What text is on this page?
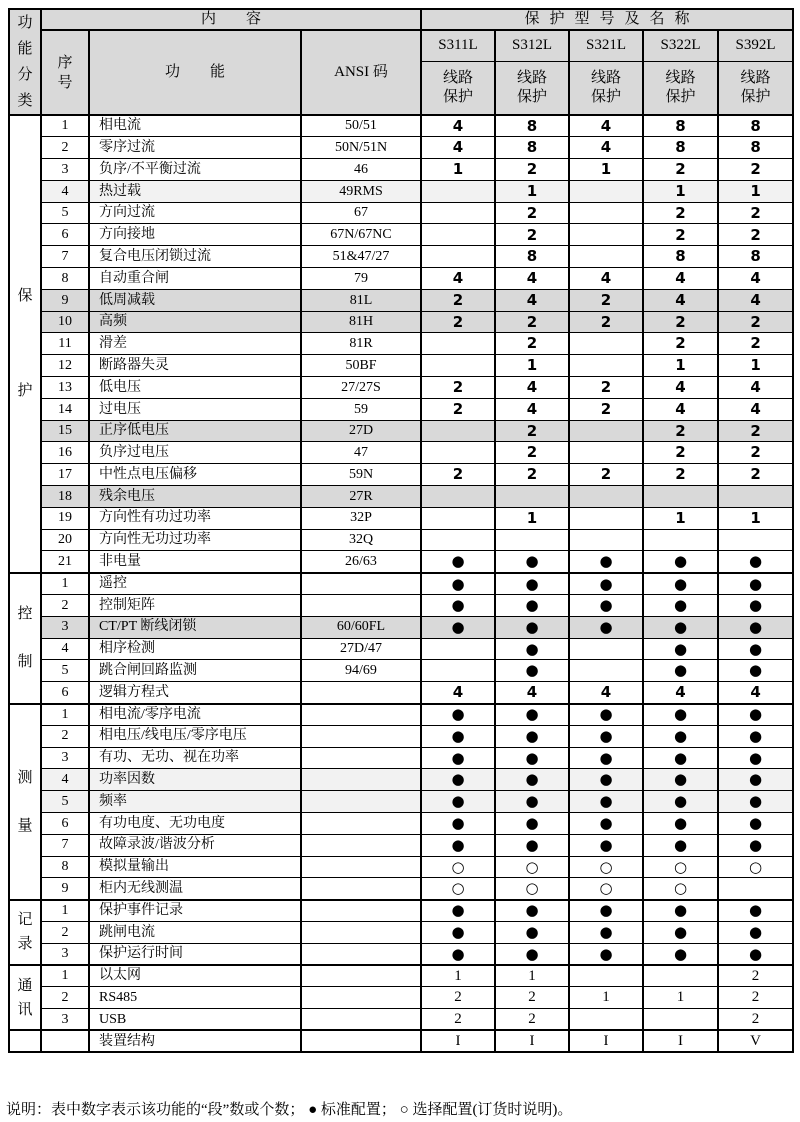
功能分类	内容			保护型号及名称				
	序号	功能	ANSI 码	S311L	S312L	S321L	S322L	S392L
				线路保护	线路保护	线路保护	线路保护	线路保护
保护	1	相电流	50/51	4	8	4	8	8
	2	零序过流	50N/51N	4	8	4	8	8
	3	负序/不平衡过流	46	1	2	1	2	2
	4	热过载	49RMS		1		1	1
	5	方向过流	67		2		2	2
	6	方向接地	67N/67NC		2		2	2
	7	复合电压闭锁过流	51&47/27		8		8	8
	8	自动重合闸	79	4	4	4	4	4
	9	低周减载	81L	2	4	2	4	4
	10	高频	81H	2	2	2	2	2
	11	滑差	81R		2		2	2
	12	断路器失灵	50BF		1		1	1
	13	低电压	27/27S	2	4	2	4	4
	14	过电压	59	2	4	2	4	4
	15	正序低电压	27D		2		2	2
	16	负序过电压	47		2		2	2
	17	中性点电压偏移	59N	2	2	2	2	2
	18	残余电压	27R					
	19	方向性有功过功率	32P		1		1	1
	20	方向性无功过功率	32Q					
	21	非电量	26/63	●	●	●	●	●
控制	1	遥控		●	●	●	●	●
	2	控制矩阵		●	●	●	●	●
	3	CT/PT 断线闭锁	60/60FL	●	●	●	●	●
	4	相序检测	27D/47		●		●	●
	5	跳合闸回路监测	94/69		●		●	●
	6	逻辑方程式		4	4	4	4	4
测量	1	相电流/零序电流		●	●	●	●	●
	2	相电压/线电压/零序电压		●	●	●	●	●
	3	有功、无功、视在功率		●	●	●	●	●
	4	功率因数		●	●	●	●	●
	5	频率		●	●	●	●	●
	6	有功电度、无功电度		●	●	●	●	●
	7	故障录波/谐波分析		●	●	●	●	●
	8	模拟量输出		○	○	○	○	○
	9	柜内无线测温		○	○	○	○	
记录	1	保护事件记录		●	●	●	●	●
	2	跳闸电流		●	●	●	●	●
	3	保护运行时间		●	●	●	●	●
通讯	1	以太网		1	1			2
	2	RS485		2	2	1	1	2
	3	USB		2	2			2
		装置结构		I	I	I	I	V
说明：表中数字表示该功能的“段”数或个数； ● 标准配置； ○ 选择配置(订货时说明)。
